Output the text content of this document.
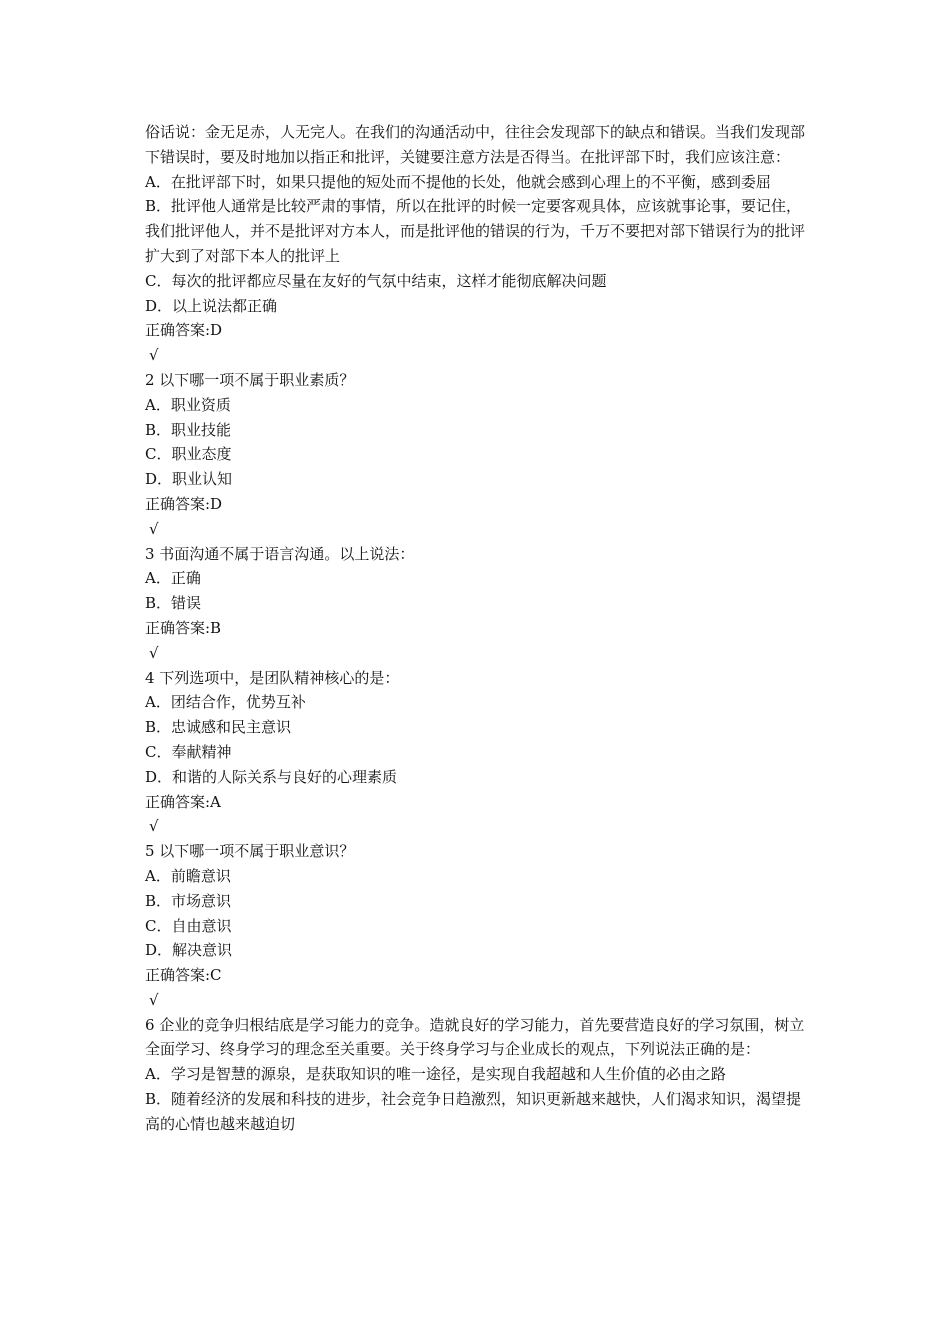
俗话说：金无足赤，人无完人。在我们的沟通活动中，往往会发现部下的缺点和错误。当我们发现部下错误时，要及时地加以指正和批评，关键要注意方法是否得当。在批评部下时，我们应该注意：
A．在批评部下时，如果只提他的短处而不提他的长处，他就会感到心理上的不平衡，感到委屈
B．批评他人通常是比较严肃的事情，所以在批评的时候一定要客观具体，应该就事论事，要记住，我们批评他人，并不是批评对方本人，而是批评他的错误的行为，千万不要把对部下错误行为的批评扩大到了对部下本人的批评上
C．每次的批评都应尽量在友好的气氛中结束，这样才能彻底解决问题
D．以上说法都正确
正确答案:D
√
2 以下哪一项不属于职业素质？
A．职业资质
B．职业技能
C．职业态度
D．职业认知
正确答案:D
√
3 书面沟通不属于语言沟通。以上说法：
A．正确
B．错误
正确答案:B
√
4 下列选项中，是团队精神核心的是：
A．团结合作，优势互补
B．忠诚感和民主意识
C．奉献精神
D．和谐的人际关系与良好的心理素质
正确答案:A
√
5 以下哪一项不属于职业意识？
A．前瞻意识
B．市场意识
C．自由意识
D．解决意识
正确答案:C
√
6 企业的竞争归根结底是学习能力的竞争。造就良好的学习能力，首先要营造良好的学习氛围，树立全面学习、终身学习的理念至关重要。关于终身学习与企业成长的观点，下列说法正确的是：
A．学习是智慧的源泉，是获取知识的唯一途径，是实现自我超越和人生价值的必由之路
B．随着经济的发展和科技的进步，社会竞争日趋激烈，知识更新越来越快，人们渴求知识，渴望提高的心情也越来越迫切
